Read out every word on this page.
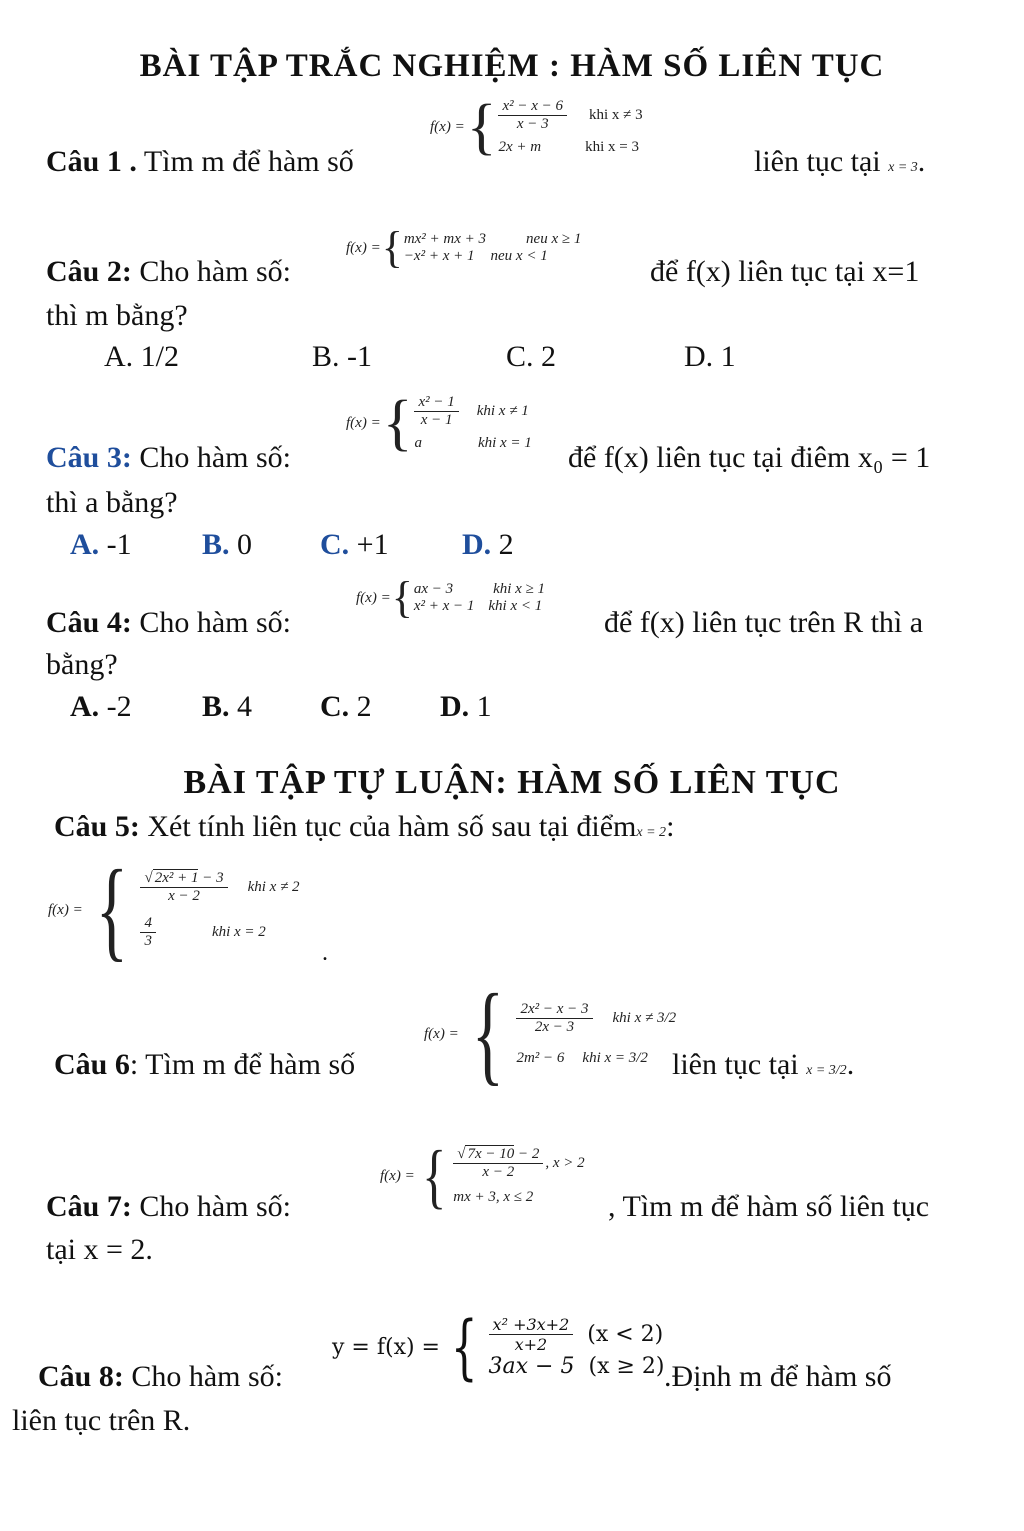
BÀI TẬP TRẮC NGHIỆM : HÀM SỐ LIÊN TỤC
Câu 1 . Tìm m để hàm số
f(x) = { $\frac{\text{x² − x − 6}}{x - 3}$ khi x ≠ 3
2x + m	khi x = 3	liên tục tại x = 3.
Câu 2: Cho hàm số:
f(x) = { mx² + mx + 3	neu x ≥ 1
−x² + x + 1 neu x < 1	để f(x) liên tục tại x=1
thì m bằng?
A. 1/2	B. -1	C. 2	D. 1
Câu 3: Cho hàm số:
f(x) = { $\frac{\text{x² − 1}}{x - 1}$ khi x ≠ 1
a	khi x = 1 để f(x) liên tục tại điêm x₀ = 1
thì a bằng?
A. -1 B. 0 C. +1 D. 2
Câu 4: Cho hàm số:
f(x) = { ax − 3	khi x ≥ 1
x² + x − 1 khi x < 1 để f(x) liên tục trên R thì a
bằng?
A. -2 B. 4 C. 2 D. 1
BÀI TẬP TỰ LUẬN: HÀM SỐ LIÊN TỤC
Câu 5: Xét tính liên tục của hàm số sau tại điểmx = 2:
f(x) = { $\frac{\text{√ 2x² + 1 − 3}}{x - 2}$ khi x ≠ 2
$\frac{4}{3}$	khi x = 2
.
Câu 6: Tìm m để hàm số
f(x) = { $\frac{\text{2x² − x − 3}}{2x - 3}$ khi x ≠ 3/2
2m² − 6 khi x = 3/2 liên tục tại x = 3/2.
Câu 7: Cho hàm số:
f(x) = { $\frac{√ 7x - 10 - 2}{x - 2}$ , x > 2
mx + 3, x ≤ 2 , Tìm m để hàm số liên tục
tại x = 2.
Câu 8: Cho hàm số:
y = f(x) = { $\frac{\text{x² +3x+2}}{x+2} (x < 2)$
3ax − 5 (x ≥ 2) .Định m để hàm số
liên tục trên R.
